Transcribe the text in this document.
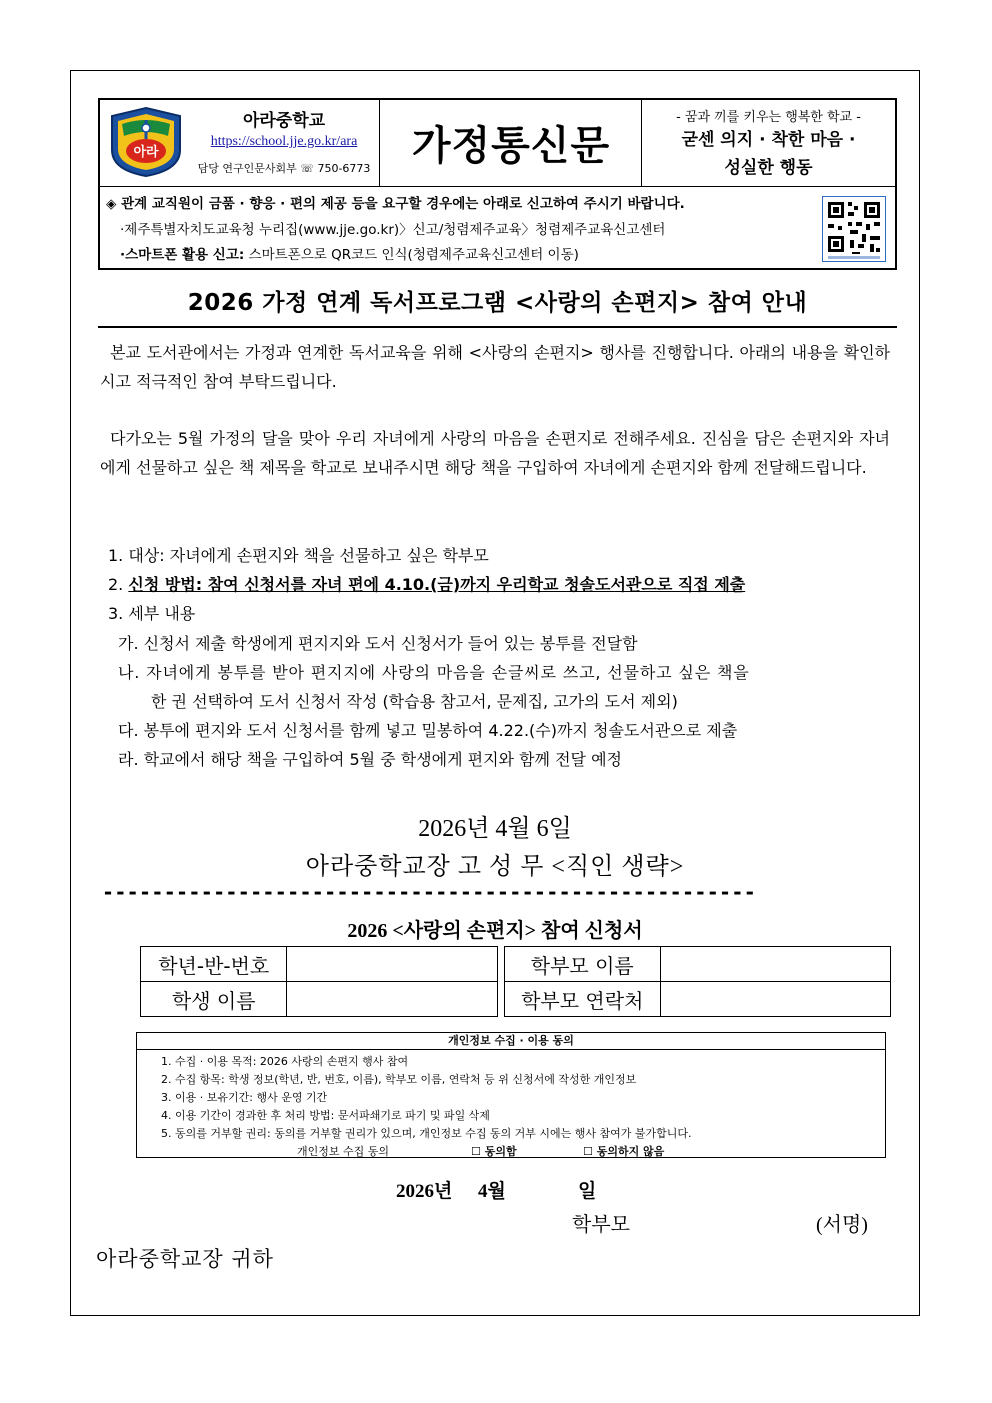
아라
아라중학교
https://school.jje.go.kr/ara
담당 연구인문사회부 ☏ 750-6773	가정통신문
- 꿈과 끼를 키우는 행복한 학교 -
굳센 의지 · 착한 마음 ·
성실한 행동
◈ 관계 교직원이 금품 · 향응 · 편의 제공 등을 요구할 경우에는 아래로 신고하여 주시기 바랍니다.
·제주특별자치도교육청 누리집(www.jje.go.kr)〉신고/청렴제주교육〉청렴제주교육신고센터
·스마트폰 활용 신고: 스마트폰으로 QR코드 인식(청렴제주교육신고센터 이동)
2026 가정 연계 독서프로그램 <사랑의 손편지> 참여 안내
본교 도서관에서는 가정과 연계한 독서교육을 위해 <사랑의 손편지> 행사를 진행합니다. 아래의 내용을 확인하시고 적극적인 참여 부탁드립니다.
다가오는 5월 가정의 달을 맞아 우리 자녀에게 사랑의 마음을 손편지로 전해주세요. 진심을 담은 손편지와 자녀에게 선물하고 싶은 책 제목을 학교로 보내주시면 해당 책을 구입하여 자녀에게 손편지와 함께 전달해드립니다.
1. 대상: 자녀에게 손편지와 책을 선물하고 싶은 학부모
2. 신청 방법: 참여 신청서를 자녀 편에 4.10.(금)까지 우리학교 청솔도서관으로 직접 제출
3. 세부 내용
가. 신청서 제출 학생에게 편지지와 도서 신청서가 들어 있는 봉투를 전달함
나. 자녀에게 봉투를 받아 편지지에 사랑의 마음을 손글씨로 쓰고, 선물하고 싶은 책을
한 권 선택하여 도서 신청서 작성 (학습용 참고서, 문제집, 고가의 도서 제외)
다. 봉투에 편지와 도서 신청서를 함께 넣고 밀봉하여 4.22.(수)까지 청솔도서관으로 제출
라. 학교에서 해당 책을 구입하여 5월 중 학생에게 편지와 함께 전달 예정
2026년 4월 6일
아라중학교장 고 성 무 <직인 생략>
-----------------------------------------------------
2026 <사랑의 손편지> 참여 신청서
학년-반-번호			학부모 이름	
학생 이름			학부모 연락처	
개인정보 수집 · 이용 동의
1. 수집 · 이용 목적: 2026 사랑의 손편지 행사 참여
2. 수집 항목: 학생 정보(학년, 반, 번호, 이름), 학부모 이름, 연락처 등 위 신청서에 작성한 개인정보
3. 이용 · 보유기간: 행사 운영 기간
4. 이용 기간이 경과한 후 처리 방법: 문서파쇄기로 파기 및 파일 삭제
5. 동의를 거부할 권리: 동의를 거부할 권리가 있으며, 개인정보 수집 동의 거부 시에는 행사 참여가 불가합니다.
개인정보 수집 동의	☐ 동의함	☐ 동의하지 않음
2026년 4월	일
학부모	(서명)
아라중학교장 귀하
